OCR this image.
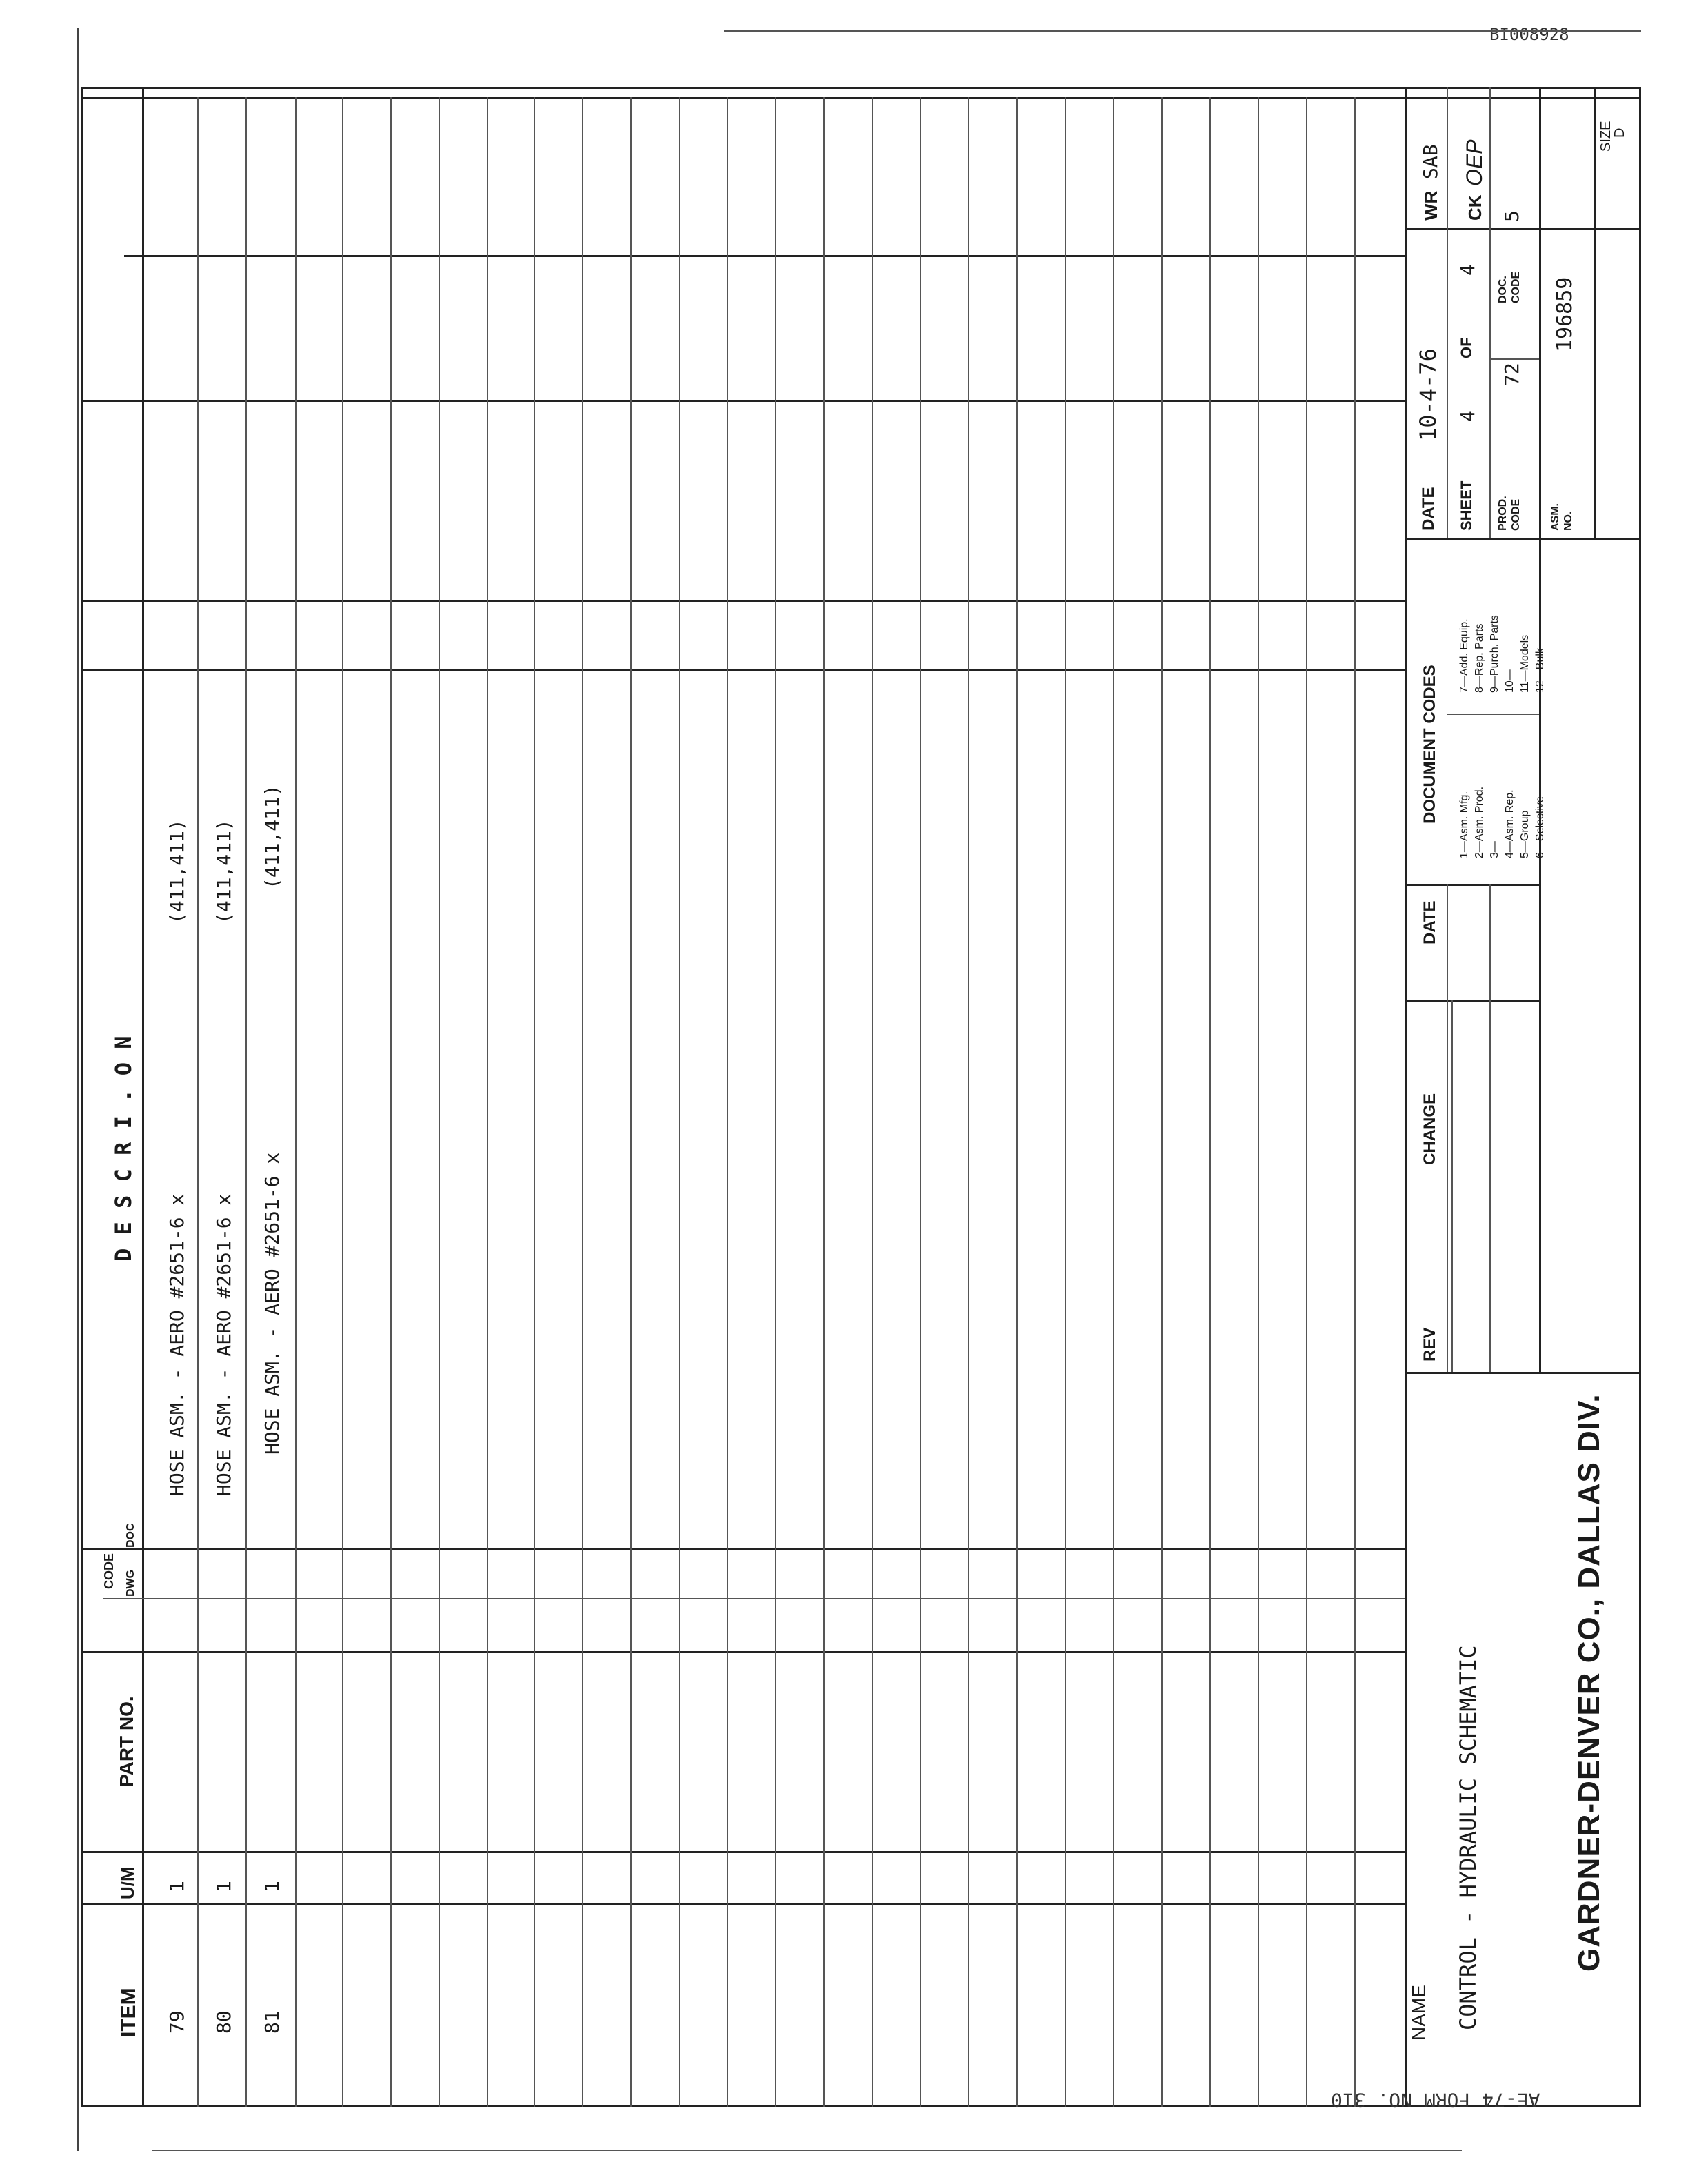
BI008928
ITEM
U/M
PART NO.
CODE DWG
DOC
D E S C R I . O N
79
1
HOSE ASM. - AERO #2651-6 x
(411,411)
80
1
HOSE ASM. - AERO #2651-6 x
(411,411)
81
1
HOSE ASM. - AERO #2651-6 x
(411,411)
NAME CONTROL - HYDRAULIC SCHEMATIC	GARDNER-DENVER CO., DALLAS DIV.
REV
CHANGE
DATE
DOCUMENT CODES
1—Asm. Mfg. 2—Asm. Prod. 3— 4—Asm. Rep. 5—Group 6—Selective
7—Add. Equip. 8—Rep. Parts 9—Purch. Parts 10— 11—Models 12—Bulk
DATE
10-4-76
SHEET
4
OF
4
PROD. CODE
72
DOC. CODE
5
ASM. NO.
196859
WR
SAB
CK
OEP
SIZE
D
AE-74 FORM NO. 310
